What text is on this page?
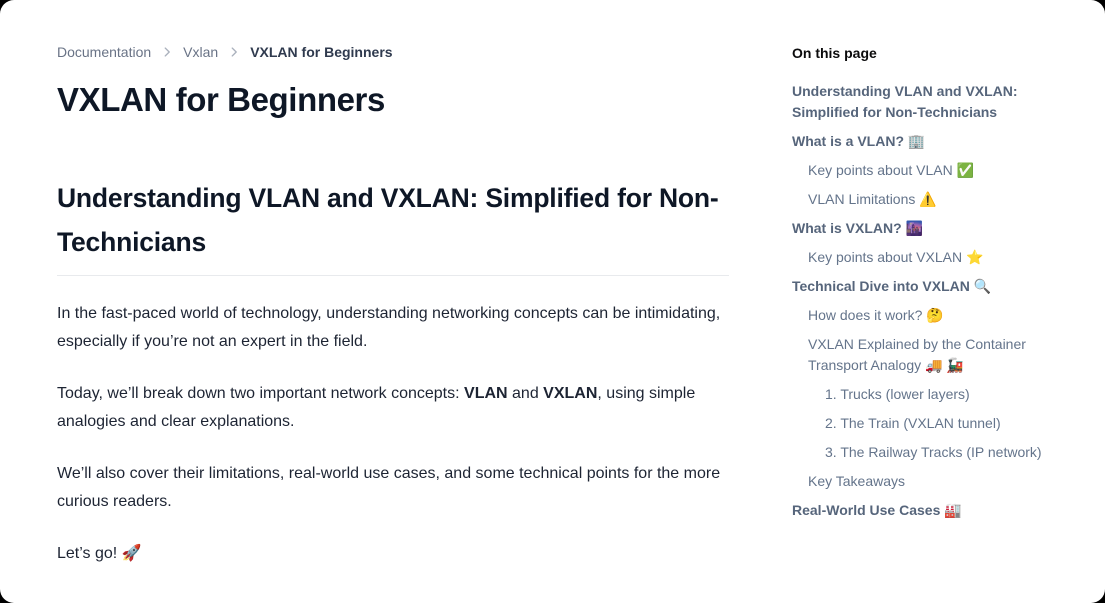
Documentation Vxlan VXLAN for Beginners
VXLAN for Beginners
Understanding VLAN and VXLAN: Simplified for Non-Technicians

In the fast-paced world of technology, understanding networking concepts can be intimidating, especially if you’re not an expert in the field.

Today, we’ll break down two important network concepts: VLAN and VXLAN, using simple analogies and clear explanations.

We’ll also cover their limitations, real-world use cases, and some technical points for the more curious readers.

Let’s go! 🚀

On this page
Understanding VLAN and VXLAN: Simplified for Non-Technicians
What is a VLAN? 🏢
Key points about VLAN ✅
VLAN Limitations ⚠️
What is VXLAN? 🌆
Key points about VXLAN ⭐
Technical Dive into VXLAN 🔍
How does it work? 🤔
VXLAN Explained by the Container Transport Analogy 🚚 🚂
1. Trucks (lower layers)
2. The Train (VXLAN tunnel)
3. The Railway Tracks (IP network)
Key Takeaways
Real-World Use Cases 🏭
